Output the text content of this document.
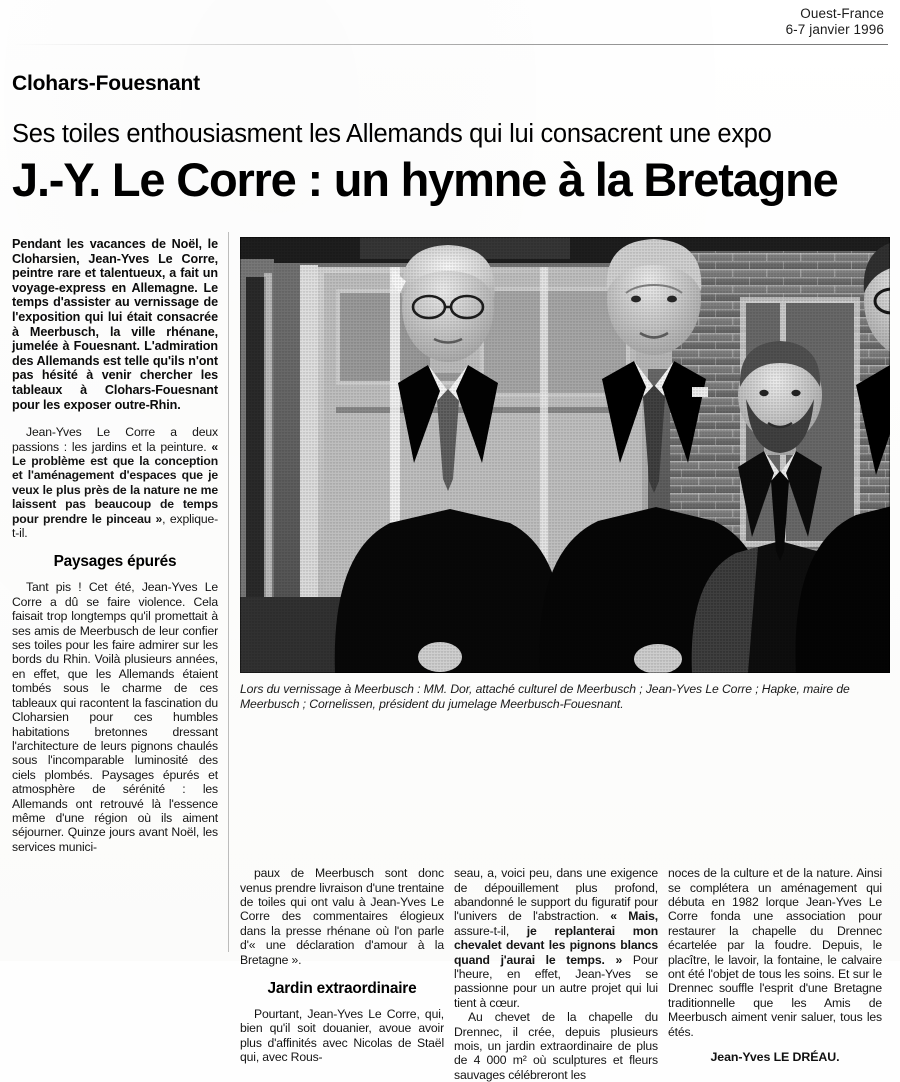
Ouest-France
6-7 janvier 1996
Clohars-Fouesnant
Ses toiles enthousiasment les Allemands qui lui consacrent une expo
J.-Y. Le Corre : un hymne à la Bretagne

Pendant les vacances de Noël, le Cloharsien, Jean-Yves Le Corre, peintre rare et talentueux, a fait un voyage-express en Allemagne. Le temps d'assister au vernissage de l'exposition qui lui était consacrée à Meerbusch, la ville rhénane, jumelée à Fouesnant. L'admiration des Allemands est telle qu'ils n'ont pas hésité à venir chercher les tableaux à Clohars-Fouesnant pour les exposer outre-Rhin.

Jean-Yves Le Corre a deux passions : les jardins et la peinture. « Le problème est que la conception et l'aménagement d'espaces que je veux le plus près de la nature ne me laissent pas beaucoup de temps pour prendre le pinceau », explique-t-il.

Paysages épurés

Tant pis ! Cet été, Jean-Yves Le Corre a dû se faire violence. Cela faisait trop longtemps qu'il promettait à ses amis de Meerbusch de leur confier ses toiles pour les faire admirer sur les bords du Rhin. Voilà plusieurs années, en effet, que les Allemands étaient tombés sous le charme de ces tableaux qui racontent la fascination du Cloharsien pour ces humbles habitations bretonnes dressant l'architecture de leurs pignons chaulés sous l'incomparable luminosité des ciels plombés. Paysages épurés et atmosphère de sérénité : les Allemands ont retrouvé là l'essence même d'une région où ils aiment séjourner. Quinze jours avant Noël, les services munici-

Lors du vernissage à Meerbusch : MM. Dor, attaché culturel de Meerbusch ; Jean-Yves Le Corre ; Hapke, maire de Meerbusch ; Cornelissen, président du jumelage Meerbusch-Fouesnant.

paux de Meerbusch sont donc venus prendre livraison d'une trentaine de toiles qui ont valu à Jean-Yves Le Corre des commentaires élogieux dans la presse rhénane où l'on parle d'« une déclaration d'amour à la Bretagne ».

Jardin extraordinaire

Pourtant, Jean-Yves Le Corre, qui, bien qu'il soit douanier, avoue avoir plus d'affinités avec Nicolas de Staël qui, avec Rous-

seau, a, voici peu, dans une exigence de dépouillement plus profond, abandonné le support du figuratif pour l'univers de l'abstraction. « Mais, assure-t-il, je replanterai mon chevalet devant les pignons blancs quand j'aurai le temps. » Pour l'heure, en effet, Jean-Yves se passionne pour un autre projet qui lui tient à cœur.

Au chevet de la chapelle du Drennec, il crée, depuis plusieurs mois, un jardin extraordinaire de plus de 4 000 m² où sculptures et fleurs sauvages célébreront les

noces de la culture et de la nature. Ainsi se complétera un aménagement qui débuta en 1982 lorque Jean-Yves Le Corre fonda une association pour restaurer la chapelle du Drennec écartelée par la foudre. Depuis, le placître, le lavoir, la fontaine, le calvaire ont été l'objet de tous les soins. Et sur le Drennec souffle l'esprit d'une Bretagne traditionnelle que les Amis de Meerbusch aiment venir saluer, tous les étés.

Jean-Yves LE DRÉAU.
